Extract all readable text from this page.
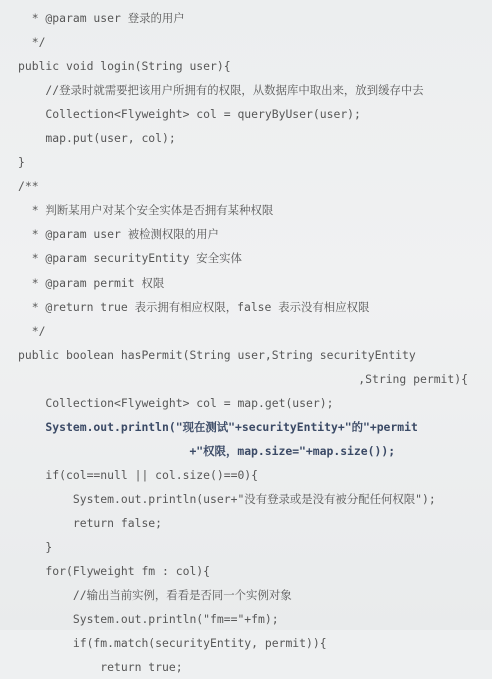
* @param user 登录的用户
*/
public void login(String user){
//登录时就需要把该用户所拥有的权限，从数据库中取出来，放到缓存中去
Collection<Flyweight> col = queryByUser(user);
map.put(user, col);
}
/**
* 判断某用户对某个安全实体是否拥有某种权限
* @param user 被检测权限的用户
* @param securityEntity 安全实体
* @param permit 权限
* @return true 表示拥有相应权限，false 表示没有相应权限
*/
public boolean hasPermit(String user,String securityEntity
,String permit){
Collection<Flyweight> col = map.get(user);
System.out.println("现在测试"+securityEntity+"的"+permit
+"权限，map.size="+map.size());
if(col==null || col.size()==0){
System.out.println(user+"没有登录或是没有被分配任何权限");
return false;
}
for(Flyweight fm : col){
//输出当前实例，看看是否同一个实例对象
System.out.println("fm=="+fm);
if(fm.match(securityEntity, permit)){
return true;
